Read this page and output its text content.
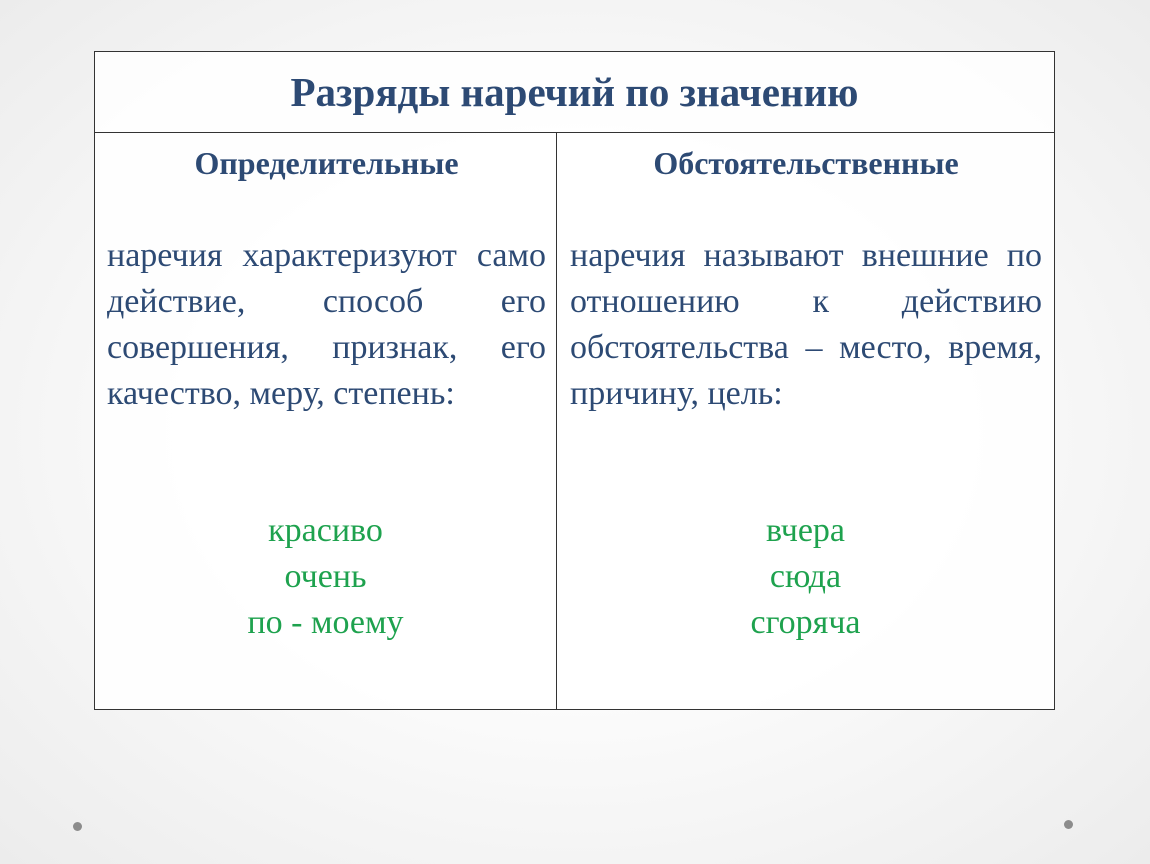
Разряды наречий по значению
Определительные
наречия характеризуют само действие, способ его совершения, признак, его качество, меру, степень:
красиво
очень
по - моему
Обстоятельственные
наречия называют внешние по отношению к действию обстоятельства – место, время, причину, цель:
вчера
сюда
сгоряча
